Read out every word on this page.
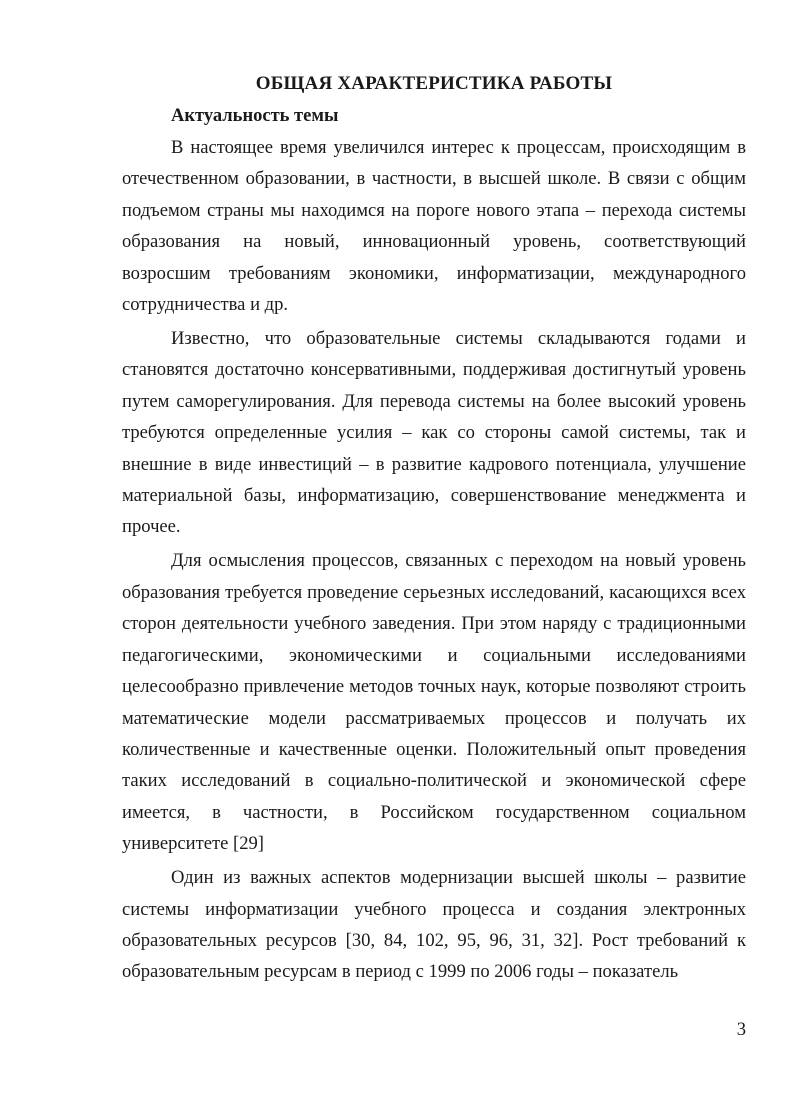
ОБЩАЯ ХАРАКТЕРИСТИКА РАБОТЫ
Актуальность темы

В настоящее время увеличился интерес к процессам, происходящим в отечественном образовании, в частности, в высшей школе. В связи с общим подъемом страны мы находимся на пороге нового этапа – перехода системы образования на новый, инновационный уровень, соответствующий возросшим требованиям экономики, информатизации, международного сотрудничества и др.

Известно, что образовательные системы складываются годами и становятся достаточно консервативными, поддерживая достигнутый уровень путем саморегулирования. Для перевода системы на более высокий уровень требуются определенные усилия – как со стороны самой системы, так и внешние в виде инвестиций – в развитие кадрового потенциала, улучшение материальной базы, информатизацию, совершенствование менеджмента и прочее.

Для осмысления процессов, связанных с переходом на новый уровень образования требуется проведение серьезных исследований, касающихся всех сторон деятельности учебного заведения. При этом наряду с традиционными педагогическими, экономическими и социальными исследованиями целесообразно привлечение методов точных наук, которые позволяют строить математические модели рассматриваемых процессов и получать их количественные и качественные оценки. Положительный опыт проведения таких исследований в социально-политической и экономической сфере имеется, в частности, в Российском государственном социальном университете [29]

Один из важных аспектов модернизации высшей школы – развитие системы информатизации учебного процесса и создания электронных образовательных ресурсов [30, 84, 102, 95, 96, 31, 32]. Рост требований к образовательным ресурсам в период с 1999 по 2006 годы – показатель

3
